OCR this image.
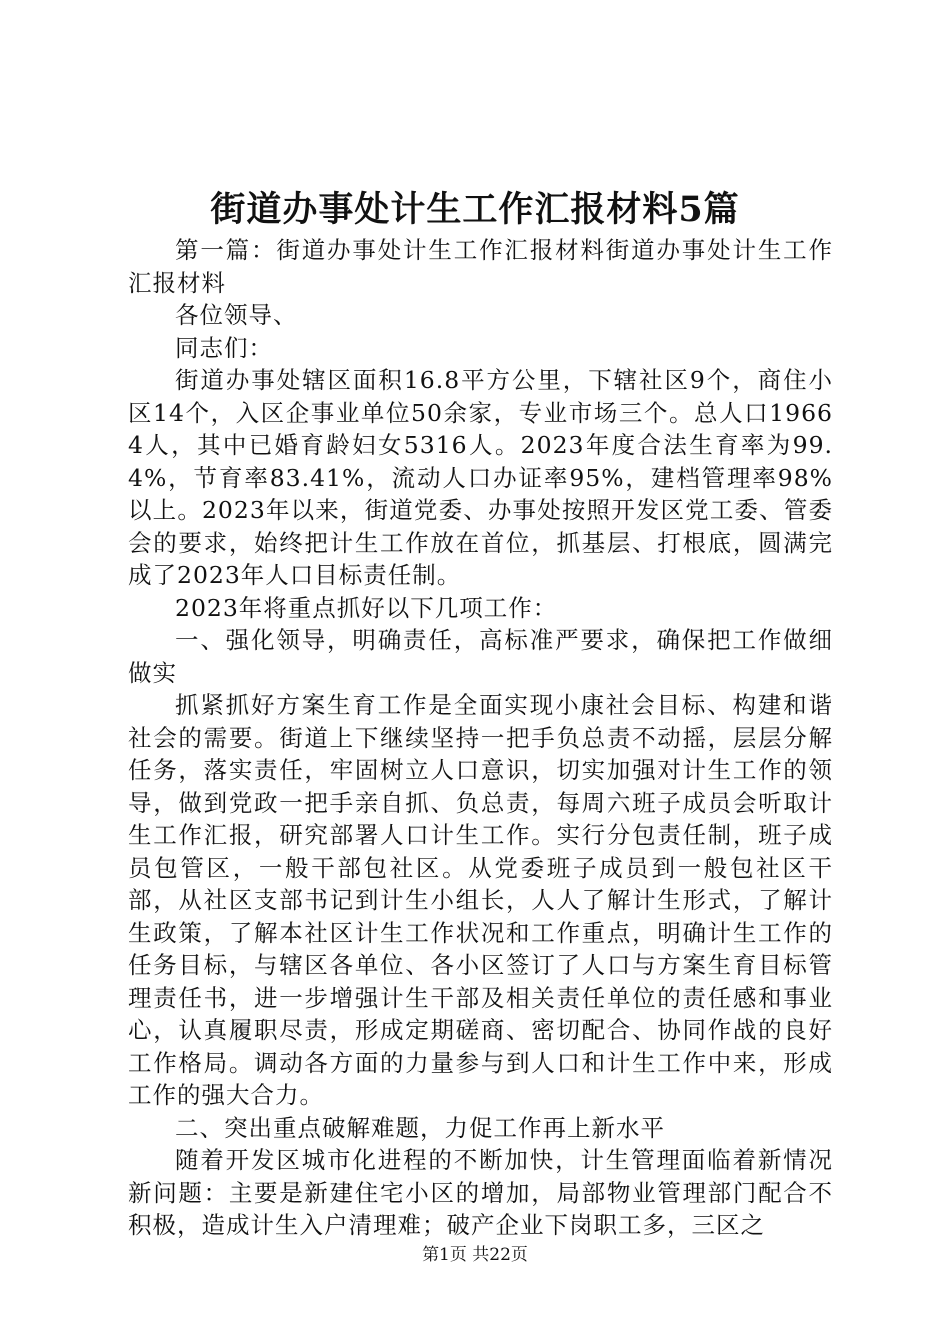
街道办事处计生工作汇报材料5篇

第一篇：街道办事处计生工作汇报材料街道办事处计生工作汇报材料

各位领导、

同志们：

街道办事处辖区面积16.8平方公里，下辖社区9个，商住小区14个，入区企事业单位50余家，专业市场三个。总人口19664人，其中已婚育龄妇女5316人。2023年度合法生育率为99.4%，节育率83.41%，流动人口办证率95%，建档管理率98%以上。2023年以来，街道党委、办事处按照开发区党工委、管委会的要求，始终把计生工作放在首位，抓基层、打根底，圆满完成了2023年人口目标责任制。

2023年将重点抓好以下几项工作：

一、强化领导，明确责任，高标准严要求，确保把工作做细做实

抓紧抓好方案生育工作是全面实现小康社会目标、构建和谐社会的需要。街道上下继续坚持一把手负总责不动摇，层层分解任务，落实责任，牢固树立人口意识，切实加强对计生工作的领导，做到党政一把手亲自抓、负总责，每周六班子成员会听取计生工作汇报，研究部署人口计生工作。实行分包责任制，班子成员包管区，一般干部包社区。从党委班子成员到一般包社区干部，从社区支部书记到计生小组长，人人了解计生形式，了解计生政策，了解本社区计生工作状况和工作重点，明确计生工作的任务目标，与辖区各单位、各小区签订了人口与方案生育目标管理责任书，进一步增强计生干部及相关责任单位的责任感和事业心，认真履职尽责，形成定期磋商、密切配合、协同作战的良好工作格局。调动各方面的力量参与到人口和计生工作中来，形成工作的强大合力。

二、突出重点破解难题，力促工作再上新水平

随着开发区城市化进程的不断加快，计生管理面临着新情况新问题：主要是新建住宅小区的增加，局部物业管理部门配合不积极，造成计生入户清理难；破产企业下岗职工多，三区之

第1页 共22页
